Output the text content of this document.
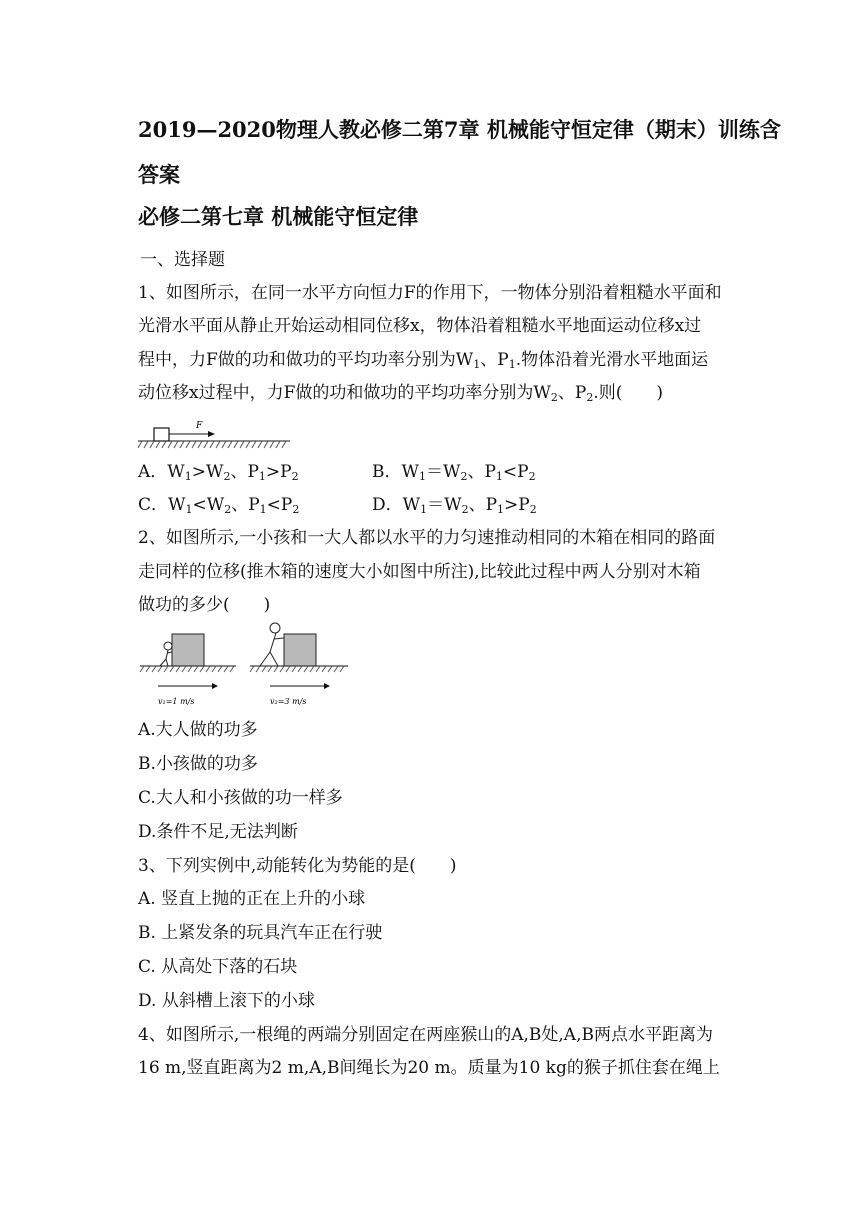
2019—2020物理人教必修二第7章 机械能守恒定律（期末）训练含
答案
必修二第七章 机械能守恒定律
一、选择题
1、如图所示，在同一水平方向恒力F的作用下，一物体分别沿着粗糙水平面和
光滑水平面从静止开始运动相同位移x，物体沿着粗糙水平地面运动位移x过
程中，力F做的功和做功的平均功率分别为$W_1$、$P_1$.物体沿着光滑水平地面运
动位移x过程中，力F做的功和做功的平均功率分别为$W_2$、$P_2$.则(　　)
F
A．$W_1>W_2$、$P_1>P_2$	B．$W_1=W_2$、$P_1<P_2$
C．$W_1<W_2$、$P_1<P_2$	D．$W_1=W_2$、$P_1>P_2$
2、如图所示,一小孩和一大人都以水平的力匀速推动相同的木箱在相同的路面
走同样的位移(推木箱的速度大小如图中所注),比较此过程中两人分别对木箱
做功的多少(　　)
v₁=1 m/s	v₂=3 m/s
A.大人做的功多
B.小孩做的功多
C.大人和小孩做的功一样多
D.条件不足,无法判断
3、下列实例中,动能转化为势能的是(　　)
A. 竖直上抛的正在上升的小球
B. 上紧发条的玩具汽车正在行驶
C. 从高处下落的石块
D. 从斜槽上滚下的小球
4、如图所示,一根绳的两端分别固定在两座猴山的A,B处,A,B两点水平距离为
16 m,竖直距离为2 m,A,B间绳长为20 m。质量为10 kg的猴子抓住套在绳上
